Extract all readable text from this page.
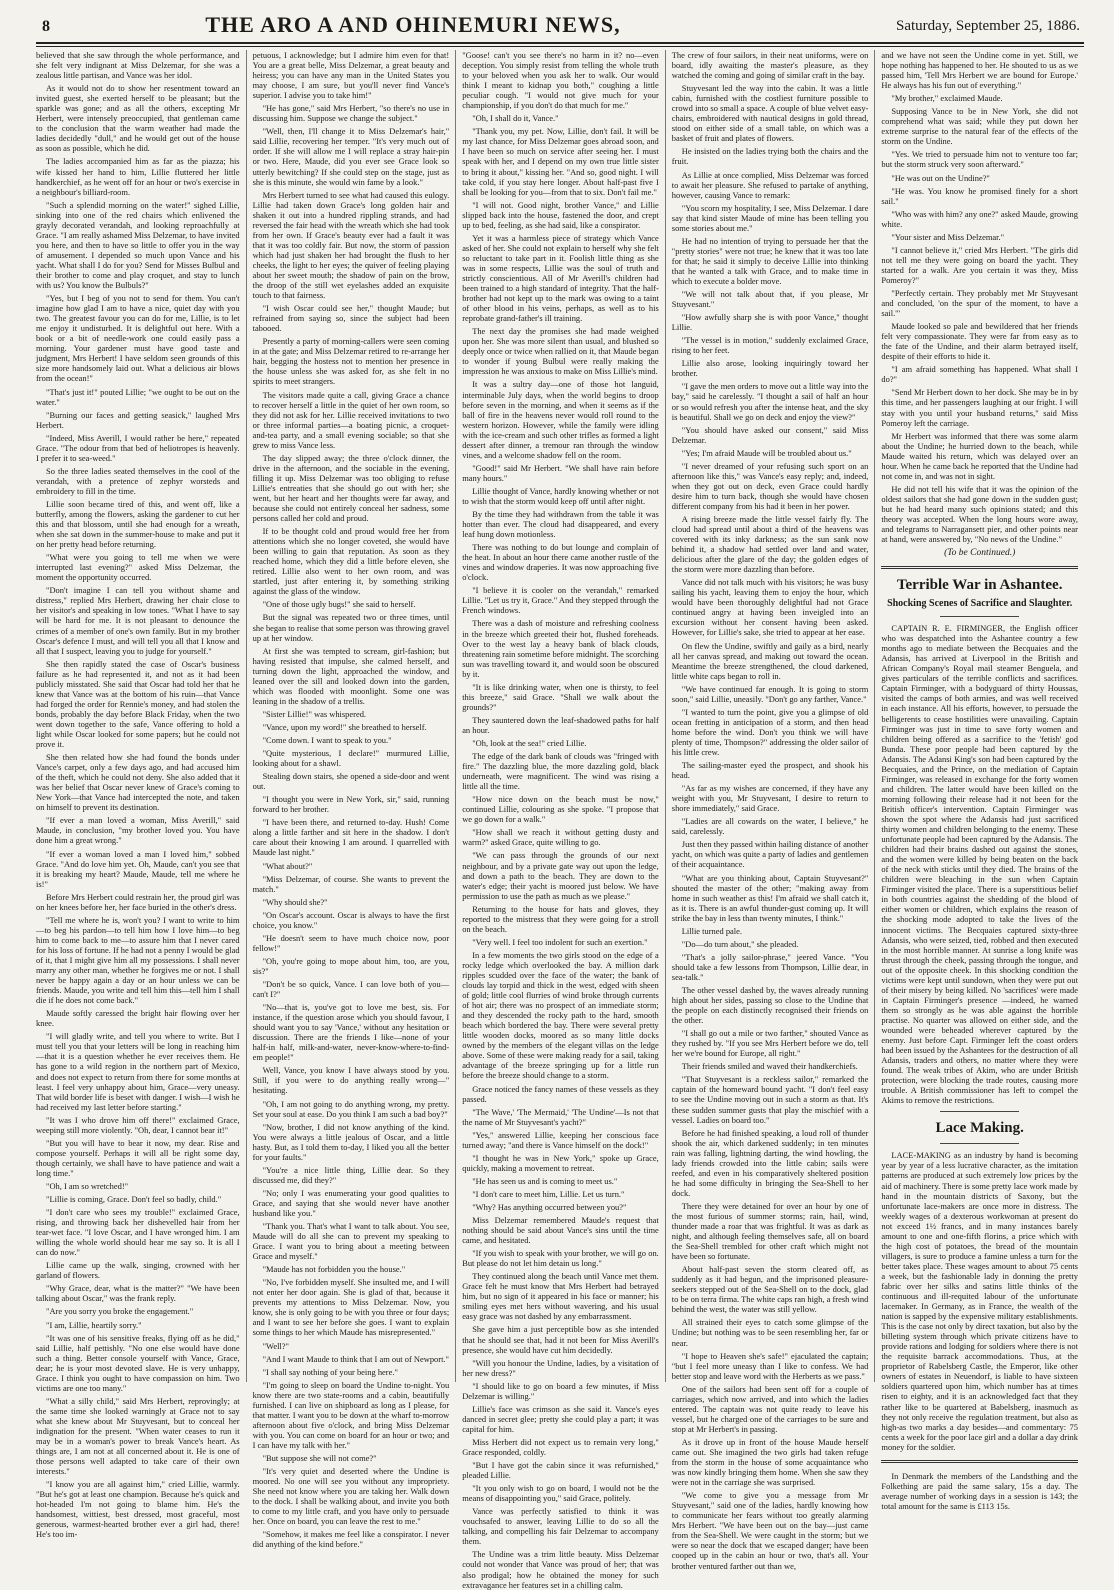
8	THE ARO A AND OHINEMURI NEWS,	Saturday, September 25, 1886.

believed that she saw through the whole performance, and she felt very indignant at Miss Delzemar, for she was a zealous little partisan, and Vance was her idol.

As it would not do to show her resentment toward an invited guest, she exerted herself to be pleasant; but the sparkle was gone; and as all the others, excepting Mr Herbert, were intensely preoccupied, that gentleman came to the conclusion that the warm weather had made the ladies decidedly "dull," and he would get out of the house as soon as possible, which he did.

The ladies accompanied him as far as the piazza; his wife kissed her hand to him, Lillie fluttered her little handkerchief, as he went off for an hour or two's exercise in a neighbour's billiard-room.

"Such a splendid morning on the water!" sighed Lillie, sinking into one of the red chairs which enlivened the grayly decorated verandah, and looking reproachfully at Grace. "I am really ashamed Miss Delzemar, to have invited you here, and then to have so little to offer you in the way of amusement. I depended so much upon Vance and his yacht. What shall I do for you? Send for Misses Bulbul and their brother to come and play croquet, and stay to lunch with us? You know the Bulbuls?"

"Yes, but I beg of you not to send for them. You can't imagine how glad I am to have a nice, quiet day with you two. The greatest favour you can do for me, Lillie, is to let me enjoy it undisturbed. It is delightful out here. With a book or a bit of needle-work one could easily pass a morning. Your gardener must have good taste and judgment, Mrs Herbert! I have seldom seen grounds of this size more handsomely laid out. What a delicious air blows from the ocean!"

"That's just it!" pouted Lillie; "we ought to be out on the water."

"Burning our faces and getting seasick," laughed Mrs Herbert.

"Indeed, Miss Averill, I would rather be here," repeated Grace. "The odour from that bed of heliotropes is heavenly. I prefer it to sea-weed."

So the three ladies seated themselves in the cool of the verandah, with a pretence of zephyr worsteds and embroidery to fill in the time.

Lillie soon became tired of this, and went off, like a butterfly, among the flowers, asking the gardener to cut her this and that blossom, until she had enough for a wreath, when she sat down in the summer-house to make and put it on her pretty head before returning.

"What were you going to tell me when we were interrupted last evening?" asked Miss Delzemar, the moment the opportunity occurred.

"Don't imagine I can tell you without shame and distress," replied Mrs Herbert, drawing her chair close to her visitor's and speaking in low tones. "What I have to say will be hard for me. It is not pleasant to denounce the crimes of a member of one's own family. But in my brother Oscar's defence I must, and will tell you all that I know and all that I suspect, leaving you to judge for yourself."

She then rapidly stated the case of Oscar's business failure as he had represented it, and not as it had been publicly misstated. She said that Oscar had told her that he knew that Vance was at the bottom of his ruin—that Vance had forged the order for Rennie's money, and had stolen the bonds, probably the day before Black Friday, when the two went down together to the safe, Vance offering to hold a light while Oscar looked for some papers; but he could not prove it.

She then related how she had found the bonds under Vance's carpet, only a few days ago, and had accused him of the theft, which he could not deny. She also added that it was her belief that Oscar never knew of Grace's coming to New York—that Vance had intercepted the note, and taken on himself to prevent its destination.

"If ever a man loved a woman, Miss Averill," said Maude, in conclusion, "my brother loved you. You have done him a great wrong."

"If ever a woman loved a man I loved him," sobbed Grace. "And do love him yet. Oh, Maude, can't you see that it is breaking my heart? Maude, Maude, tell me where he is!"

Before Mrs Herbert could restrain her, the proud girl was on her knees before her, her face buried in the other's dress.

"Tell me where he is, won't you? I want to write to him—to beg his pardon—to tell him how I love him—to beg him to come back to me—to assure him that I never cared for his loss of fortune. If he had not a penny I would be glad of it, that I might give him all my possessions. I shall never marry any other man, whether he forgives me or not. I shall never be happy again a day or an hour unless we can be friends. Maude, you write and tell him this—tell him I shall die if he does not come back."

Maude softly caressed the bright hair flowing over her knee.

"I will gladly write, and tell you where to write. But I must tell you that your letters will be long in reaching him—that it is a question whether he ever receives them. He has gone to a wild region in the northern part of Mexico, and does not expect to return from there for some months at least. I feel very unhappy about him, Grace—very uneasy. That wild border life is beset with danger. I wish—I wish he had received my last letter before starting."

"It was I who drove him off there!" exclaimed Grace, weeping still more violently. "Oh, dear, I cannot bear it!"

"But you will have to bear it now, my dear. Rise and compose yourself. Perhaps it will all be right some day, though certainly, we shall have to have patience and wait a long time."

"Oh, I am so wretched!"

"Lillie is coming, Grace. Don't feel so badly, child."

"I don't care who sees my trouble!" exclaimed Grace, rising, and throwing back her dishevelled hair from her tear-wet face. "I love Oscar, and I have wronged him. I am willing the whole world should hear me say so. It is all I can do now."

Lillie came up the walk, singing, crowned with her garland of flowers.

"Why Grace, dear, what is the matter?" "We have been talking about Oscar," was the frank reply.

"Are you sorry you broke the engagement."

"I am, Lillie, heartily sorry."

"It was one of his sensitive freaks, flying off as he did," said Lillie, half pettishly. "No one else would have done such a thing. Better console yourself with Vance, Grace, dear; he is your most devoted slave. He is very unhappy, Grace. I think you ought to have compassion on him. Two victims are one too many."

"What a silly child," said Mrs Herbert, reprovingly; at the same time she looked warningly at Grace not to say what she knew about Mr Stuyvesant, but to conceal her indignation for the present. "When water ceases to run it may be in a woman's power to break Vance's heart. As things are, I am not at all concerned about it. He is one of those persons well adapted to take care of their own interests."

"I know you are all against him," cried Lillie, warmly. "But he's got at least one champion. Because he's quick and hot-headed I'm not going to blame him. He's the handsomest, wittiest, best dressed, most graceful, most generous, warmest-hearted brother ever a girl had, there! He's too im-

petuous, I acknowledge; but I admire him even for that! You are a great belle, Miss Delzemar, a great beauty and heiress; you can have any man in the United States you may choose, I am sure, but you'll never find Vance's superior. I advise you to take him!"

"He has gone," said Mrs Herbert, "so there's no use in discussing him. Suppose we change the subject."

"Well, then, I'll change it to Miss Delzemar's hair," said Lillie, recovering her temper. "It's very much out of order. If she will allow me I will replace a stray hair-pin or two. Here, Maude, did you ever see Grace look so utterly bewitching? If she could step on the stage, just as she is this minute, she would win fame by a look."

Mrs Herbert turned to see what had caused this eulogy. Lillie had taken down Grace's long golden hair and shaken it out into a hundred rippling strands, and had reversed the fair head with the wreath which she had took from her own. If Grace's beauty ever had a fault it was that it was too coldly fair. But now, the storm of passion which had just shaken her had brought the flush to her cheeks, the light to her eyes; the quiver of feeling playing about her sweet mouth; the shadow of pain on the brow, the droop of the still wet eyelashes added an exquisite touch to that fairness.

"I wish Oscar could see her," thought Maude; but refrained from saying so, since the subject had been tabooed.

Presently a party of morning-callers were seen coming in at the gate; and Miss Delzemar retired to re-arrange her hair, begging the hostess not to mention her presence in the house unless she was asked for, as she felt in no spirits to meet strangers.

The visitors made quite a call, giving Grace a chance to recover herself a little in the quiet of her own room, so they did not ask for her. Lillie received invitations to two or three informal parties—a boating picnic, a croquet-and-tea party, and a small evening sociable; so that she grew to miss Vance less.

The day slipped away; the three o'clock dinner, the drive in the afternoon, and the sociable in the evening, filling it up. Miss Delzemar was too obliging to refuse Lillie's entreaties that she should go out with her; she went, but her heart and her thoughts were far away, and because she could not entirely conceal her sadness, some persons called her cold and proud.

If to be thought cold and proud would free her from attentions which she no longer coveted, she would have been willing to gain that reputation. As soon as they reached home, which they did a little before eleven, she retired. Lillie also went to her own room, and was startled, just after entering it, by something striking against the glass of the window.

"One of those ugly bugs!" she said to herself.

But the signal was repeated two or three times, until she began to realise that some person was throwing gravel up at her window.

At first she was tempted to scream, girl-fashion; but having resisted that impulse, she calmed herself, and turning down the light, approached the window, and leaned over the sill and looked down into the garden, which was flooded with moonlight. Some one was leaning in the shadow of a trellis.

"Sister Lillie!" was whispered.

"Vance, upon my word!" she breathed to herself.

"Come down. I want to speak to you."

"Quite mysterious, I declare!" murmured Lillie, looking about for a shawl.

Stealing down stairs, she opened a side-door and went out.

"I thought you were in New York, sir," said, running forward to her brother.

"I have been there, and returned to-day. Hush! Come along a little farther and sit here in the shadow. I don't care about their knowing I am around. I quarrelled with Maude last night."

"What about?"

"Miss Delzemar, of course. She wants to prevent the match."

"Why should she?"

"On Oscar's account. Oscar is always to have the first choice, you know."

"He doesn't seem to have much choice now, poor fellow!"

"Oh, you're going to mope about him, too, are you, sis?"

"Don't be so quick, Vance. I can love both of you—can't I?"

"No—that is, you've got to love me best, sis. For instance, if the question arose which you should favour, I should want you to say 'Vance,' without any hesitation or discussion. There are the friends I like—none of your half-in half, milk-and-water, never-know-where-to-find-em people!"

Well, Vance, you know I have always stood by you. Still, if you were to do anything really wrong—" hesitating.

"Oh, I am not going to do anything wrong, my pretty. Set your soul at ease. Do you think I am such a bad boy?"

"Now, brother, I did not know anything of the kind. You were always a little jealous of Oscar, and a little hasty. But, as I told them to-day, I liked you all the better for your faults."

"You're a nice little thing, Lillie dear. So they discussed me, did they?"

"No; only I was enumerating your good qualities to Grace, and saying that she would never have another husband like you."

"Thank you. That's what I want to talk about. You see, Maude will do all she can to prevent my speaking to Grace. I want you to bring about a meeting between Grace and myself."

"Maude has not forbidden you the house."

"No, I've forbidden myself. She insulted me, and I will not enter her door again. She is glad of that, because it prevents my attentions to Miss Delzemar. Now, you know, she is only going to be with you three or four days; and I want to see her before she goes. I want to explain some things to her which Maude has misrepresented."

"Well?"

"And I want Maude to think that I am out of Newport."

"I shall say nothing of your being here."

"I'm going to sleep on board the Undine to-night. You know there are two state-rooms and a cabin, beautifully furnished. I can live on shipboard as long as I please, for that matter. I want you to be down at the wharf to-morrow afternoon about five o'clock, and bring Miss Delzemar with you. You can come on board for an hour or two; and I can have my talk with her."

"But suppose she will not come?"

"It's very quiet and deserted where the Undine is moored. No one will see you without any impropriety. She need not know where you are taking her. Walk down to the dock. I shall be walking about, and invite you both to come to my little craft, and you have only to persuade her. Once on board, you can leave the rest to me."

"Somehow, it makes me feel like a conspirator. I never did anything of the kind before."

"Goose! can't you see there's no harm in it? no—even deception. You simply resist from telling the whole truth to your beloved when you ask her to walk. Our would think I meant to kidnap you both," coughing a little peculiar cough. "I would not give much for your championship, if you don't do that much for me."

"Oh, I shall do it, Vance."

"Thank you, my pet. Now, Lillie, don't fail. It will be my last chance, for Miss Delzemar goes abroad soon, and I have been so much on service after seeing her. I must speak with her, and I depend on my own true little sister to bring it about," kissing her. "And so, good night. I will take cold, if you stay here longer. About half-past five I shall be looking for you—from that to six. Don't fail me."

"I will not. Good night, brother Vance," and Lillie slipped back into the house, fastened the door, and crept up to bed, feeling, as she had said, like a conspirator.

Yet it was a harmless piece of strategy which Vance asked of her. She could not explain to herself why she felt so reluctant to take part in it. Foolish little thing as she was in some respects, Lillie was the soul of truth and strictly conscientious. All of Mr Averill's children had been trained to a high standard of integrity. That the half-brother had not kept up to the mark was owing to a taint of other blood in his veins, perhaps, as well as to his reprobate grand-father's ill training.

The next day the promises she had made weighed upon her. She was more silent than usual, and blushed so deeply once or twice when rallied on it, that Maude began to wonder if young Bulbul were really making the impression he was anxious to make on Miss Lillie's mind.

It was a sultry day—one of those hot languid, interminable July days, when the world begins to droop before seven in the morning, and when it seems as if the ball of fire in the heavens never would roll round to the western horizon. However, while the family were idling with the ice-cream and such other trifles as formed a light dessert after dinner, a tremour ran through the window vines, and a welcome shadow fell on the room.

"Good!" said Mr Herbert. "We shall have rain before many hours."

Lillie thought of Vance, hardly knowing whether or not to wish that the storm would keep off until after night.

By the time they had withdrawn from the table it was hotter than ever. The cloud had disappeared, and every leaf hung down motionless.

There was nothing to do but lounge and complain of the heat. In about an hour there came another rustle of the vines and window draperies. It was now approaching five o'clock.

"I believe it is cooler on the verandah," remarked Lillie. "Let us try it, Grace." And they stepped through the French windows.

There was a dash of moisture and refreshing coolness in the breeze which greeted their hot, flushed foreheads. Over to the west lay a heavy bank of black clouds, threatening rain sometime before midnight. The scorching sun was travelling toward it, and would soon be obscured by it.

"It is like drinking water, when one is thirsty, to feel this breeze," said Grace. "Shall we walk about the grounds?"

They sauntered down the leaf-shadowed paths for half an hour.

"Oh, look at the sea!" cried Lillie.

The edge of the dark bank of clouds was "fringed with fire." The dazzling blue, the more dazzling gold, black underneath, were magnificent. The wind was rising a little all the time.

"How nice down on the beach must be now," continued Lillie, colouring as she spoke. "I propose that we go down for a walk."

"How shall we reach it without getting dusty and warm?" asked Grace, quite willing to go.

"We can pass through the grounds of our next neighbour, and by a private gate way out upon the ledge, and down a path to the beach. They are down to the water's edge; their yacht is moored just below. We have permission to use the path as much as we please."

Returning to the house for hats and gloves, they reported to the mistress that they were going for a stroll on the beach.

"Very well. I feel too indolent for such an exertion."

In a few moments the two girls stood on the edge of a rocky ledge which overlooked the bay. A million dark ripples scudded over the face of the water; the bank of clouds lay torpid and thick in the west, edged with sheen of gold; little cool flurries of wind broke through currents of hot air; there was no prospect of an immediate storm; and they descended the rocky path to the hard, smooth beach which bordered the bay. There were several pretty little wooden docks, moored as so many little docks owned by the members of the elegant villas on the ledge above. Some of these were making ready for a sail, taking advantage of the breeze springing up for a little run before the breeze should change to a storm.

Grace noticed the fancy names of these vessels as they passed.

"The Wave,' 'The Mermaid,' 'The Undine'—Is not that the name of Mr Stuyvesant's yacht?"

"Yes," answered Lillie, keeping her conscious face turned away; "and there is Vance himself on the dock!"

"I thought he was in New York," spoke up Grace, quickly, making a movement to retreat.

"He has seen us and is coming to meet us."

"I don't care to meet him, Lillie. Let us turn."

"Why? Has anything occurred between you?"

Miss Delzemar remembered Maude's request that nothing should be said about Vance's sins until the time came, and hesitated.

"If you wish to speak with your brother, we will go on. But please do not let him detain us long."

They continued along the beach until Vance met them. Grace felt he must know that Mrs Herbert had betrayed him, but no sign of it appeared in his face or manner; his smiling eyes met hers without wavering, and his usual easy grace was not dashed by any embarrassment.

She gave him a just perceptible bow as she intended that he should see that, had it not been for Miss Averill's presence, she would have cut him decidedly.

"Will you honour the Undine, ladies, by a visitation of her new dress?"

"I should like to go on board a few minutes, if Miss Delzemar is willing."

Lillie's face was crimson as she said it. Vance's eyes danced in secret glee; pretty she could play a part; it was capital for him.

Miss Herbert did not expect us to remain very long," Grace responded, coldly.

"But I have got the cabin since it was refurnished," pleaded Lillie.

"It you only wish to go on board, I would not be the means of disappointing you," said Grace, politely.

Vance was perfectly satisfied to think it was vouchsafed to answer, leaving Lillie to do so all the talking, and compelling his fair Delzemar to accompany them.

The Undine was a trim little beauty. Miss Delzemar could not wonder that Vance was proud of her; that was also prodigal; how he obtained the money for such extravagance her features set in a chilling calm.

The crew of four sailors, in their neat uniforms, were on board, idly awaiting the master's pleasure, as they watched the coming and going of similar craft in the bay.

Stuyvesant led the way into the cabin. It was a little cabin, furnished with the costliest furniture possible to crowd into so small a space. A couple of blue velvet easy-chairs, embroidered with nautical designs in gold thread, stood on either side of a small table, on which was a basket of fruit and plates of flowers.

He insisted on the ladies trying both the chairs and the fruit.

As Lillie at once complied, Miss Delzemar was forced to await her pleasure. She refused to partake of anything, however, causing Vance to remark:

"You scorn my hospitality, I see, Miss Delzemar. I dare say that kind sister Maude of mine has been telling you some stories about me."

He had no intention of trying to persuade her that the "pretty stories" were not true; he knew that it was too late for that; he said it simply to deceive Lillie into thinking that he wanted a talk with Grace, and to make time in which to execute a bolder move.

"We will not talk about that, if you please, Mr Stuyvesant."

"How awfully sharp she is with poor Vance," thought Lillie.

"The vessel is in motion," suddenly exclaimed Grace, rising to her feet.

Lillie also arose, looking inquiringly toward her brother.

"I gave the men orders to move out a little way into the bay," said he carelessly. "I thought a sail of half an hour or so would refresh you after the intense heat, and the sky is beautiful. Shall we go on deck and enjoy the view?"

"You should have asked our consent," said Miss Delzemar.

"Yes; I'm afraid Maude will be troubled about us."

"I never dreamed of your refusing such sport on an afternoon like this," was Vance's easy reply; and, indeed, when they got out on deck, even Grace could hardly desire him to turn back, though she would have chosen different company from his had it been in her power.

A rising breeze made the little vessel fairly fly. The cloud had spread until about a third of the heavens was covered with its inky darkness; as the sun sank now behind it, a shadow had settled over land and water, delicious after the glare of the day; the golden edges of the storm were more dazzling than before.

Vance did not talk much with his visitors; he was busy sailing his yacht, leaving them to enjoy the hour, which would have been thoroughly delightful had not Grace continued angry at having been inveigled into an excursion without her consent having been asked. However, for Lillie's sake, she tried to appear at her ease.

On flew the Undine, swiftly and gaily as a bird, nearly all her canvas spread, and making out toward the ocean. Meantime the breeze strengthened, the cloud darkened, little white caps began to roll in.

"We have continued far enough. It is going to storm soon," said Lillie, uneasily. "Don't go any farther, Vance."

"I wanted to turn the point, give you a glimpse of old ocean fretting in anticipation of a storm, and then head home before the wind. Don't you think we will have plenty of time, Thompson?" addressing the older sailor of his little crew.

The sailing-master eyed the prospect, and shook his head.

"As far as my wishes are concerned, if they have any weight with you, Mr Stuyvesant, I desire to return to shore immediately," said Grace.

"Ladies are all cowards on the water, I believe," he said, carelessly.

Just then they passed within hailing distance of another yacht, on which was quite a party of ladies and gentlemen of their acquaintance.

"What are you thinking about, Captain Stuyvesant?" shouted the master of the other; "making away from home in such weather as this! I'm afraid we shall catch it, as it is. There is an awful thunder-gust coming up. It will strike the bay in less than twenty minutes, I think."

Lillie turned pale.

"Do—do turn about," she pleaded.

"That's a jolly sailor-phrase," jeered Vance. "You should take a few lessons from Thompson, Lillie dear, in sea-talk."

The other vessel dashed by, the waves already running high about her sides, passing so close to the Undine that the people on each distinctly recognised their friends on the other.

"I shall go out a mile or two farther," shouted Vance as they rushed by. "If you see Mrs Herbert before we do, tell her we're bound for Europe, all right."

Their friends smiled and waved their handkerchiefs.

"That Stuyvesant is a reckless sailor," remarked the captain of the homeward bound yacht. "I don't feel easy to see the Undine moving out in such a storm as that. It's these sudden summer gusts that play the mischief with a vessel. Ladies on board too."

Before he had finished speaking, a loud roll of thunder shook the air, which darkened suddenly; in ten minutes rain was falling, lightning darting, the wind howling, the lady friends crowded into the little cabin; sails were reefed, and even in his comparatively sheltered position he had some difficulty in bringing the Sea-Shell to her dock.

There they were detained for over an hour by one of the most furious of summer storms; rain, hail, wind, thunder made a roar that was frightful. It was as dark as night, and although feeling themselves safe, all on board the Sea-Shell trembled for other craft which might not have been so fortunate.

About half-past seven the storm cleared off, as suddenly as it had begun, and the imprisoned pleasure-seekers stepped out of the Sea-Shell on to the dock, glad to be on terra firma. The white caps ran high, a fresh wind behind the west, the water was still yellow.

All strained their eyes to catch some glimpse of the Undine; but nothing was to be seen resembling her, far or near.

"I hope to Heaven she's safe!" ejaculated the captain; "but I feel more uneasy than I like to confess. We had better stop and leave word with the Herberts as we pass."

One of the sailors had been sent off for a couple of carriages, which now arrived, and into which the ladies entered. The captain was not quite ready to leave his vessel, but he charged one of the carriages to be sure and stop at Mr Herbert's in passing.

As it drove up in front of the house Maude herself came out. She imagined the two girls had taken refuge from the storm in the house of some acquaintance who was now kindly bringing them home. When she saw they were not in the carriage she was surprised.

"We come to give you a message from Mr Stuyvesant," said one of the ladies, hardly knowing how to communicate her fears without too greatly alarming Mrs Herbert. "We have been out on the bay—just came from the Sea-Shell. We were caught in the storm; but we were so near the dock that we escaped danger; have been cooped up in the cabin an hour or two, that's all. Your brother ventured farther out than we,

and we have not seen the Undine come in yet. Still, we hope nothing has happened to her. He shouted to us as we passed him, 'Tell Mrs Herbert we are bound for Europe.' He always has his fun out of everything."

"My brother," exclaimed Maude.

Supposing Vance to be in New York, she did not comprehend what was said; while they put down her extreme surprise to the natural fear of the effects of the storm on the Undine.

"Yes. We tried to persuade him not to venture too far; but the storm struck very soon afterward."

"He was out on the Undine?"

"He was. You know he promised finely for a short sail."

"Who was with him? any one?" asked Maude, growing white.

"Your sister and Miss Delzemar."

"I cannot believe it," cried Mrs Herbert. "The girls did not tell me they were going on board the yacht. They started for a walk. Are you certain it was they, Miss Pomeroy?"

"Perfectly certain. They probably met Mr Stuyvesant and concluded, 'on the spur of the moment, to have a sail.'"

Maude looked so pale and bewildered that her friends felt very compassionate. They were far from easy as to the fate of the Undine, and their alarm betrayed itself, despite of their efforts to hide it.

"I am afraid something has happened. What shall I do?"

"Send Mr Herbert down to her dock. She may be in by this time, and her passengers laughing at our fright. I will stay with you until your husband returns," said Miss Pomeroy left the carriage.

Mr Herbert was informed that there was some alarm about the Undine; he hurried down to the beach, while Maude waited his return, which was delayed over an hour. When he came back he reported that the Undine had not come in, and was not in sight.

He did not tell his wife that it was the opinion of the oldest sailors that she had gone down in the sudden gust; but he had heard many such opinions stated; and this theory was accepted. When the long hours wore away, and telegrams to Narragansett pier, and other points near at hand, were answered by, "No news of the Undine."

(To be Continued.)
Terrible War in Ashantee.
Shocking Scenes of Sacrifice and Slaughter.

CAPTAIN R. E. FIRMINGER, the English officer who was despatched into the Ashantee country a few months ago to mediate between the Becquaies and the Adansis, has arrived at Liverpool in the British and African Company's Royal mail steamer Benguela, and gives particulars of the terrible conflicts and sacrifices. Captain Firminger, with a bodyguard of thirty Houssas, visited the camps of both armies, and was well received in each instance. All his efforts, however, to persuade the belligerents to cease hostilities were unavailing. Captain Firminger was just in time to save forty women and children being offered as a sacrifice to the 'fetish' god Bunda. These poor people had been captured by the Adansis. The Adansi King's son had been captured by the Becquaies, and the Prince, on the mediation of Captain Firminger, was released in exchange for the forty women and children. The latter would have been killed on the morning following their release had it not been for the British officer's intervention. Captain Firminger was shown the spot where the Adansis had just sacrificed thirty women and children belonging to the enemy. These unfortunate people had been captured by the Adansis. The children had their brains dashed out against the stones, and the women were killed by being beaten on the back of the neck with sticks until they died. The brains of the children were bleaching in the sun when Captain Firminger visited the place. There is a superstitious belief in both countries against the shedding of the blood of either women or children, which explains the reason of the shocking mode adopted to take the lives of the innocent victims. The Becquaies captured sixty-three Adansis, who were seized, tied, robbed and then executed in the most horrible manner. At sunrise a long knife was thrust through the cheek, passing through the tongue, and out of the opposite cheek. In this shocking condition the victims were kept until sundown, when they were put out of their misery by being killed. No 'sacrifices' were made in Captain Firminger's presence —indeed, he warned them so strongly as he was able against the horrible practise. No quarter was allowed on either side, and the wounded were beheaded wherever captured by the enemy. Just before Capt. Firminger left the coast orders had been issued by the Ashantees for the destruction of all Adansis, traders and others, no matter where they were found. The weak tribes of Akim, who are under British protection, were blocking the trade routes, causing more trouble. A British commissioner has left to compel the Akims to remove the restrictions.

Lace Making.

LACE-MAKING as an industry by hand is becoming year by year of a less lucrative character, as the imitation patterns are produced at such extremely low prices by the aid of machinery. There is some pretty lace work made by hand in the mountain districts of Saxony, but the unfortunate lace-makers are once more in distress. The weekly wages of a dexterous workwoman at present do not exceed 1½ francs, and in many instances barely amount to one and one-fifth florins, a price which with the high cost of potatoes, the bread of the mountain villagers, is sure to produce a famine unless a turn for the better takes place. These wages amount to about 75 cents a week, but the fashionable lady in donning the pretty fabric over her silks and satins little thinks of the continuous and ill-requited labour of the unfortunate lacemaker. In Germany, as in France, the wealth of the nation is sapped by the expensive military establishments. This is the case not only by direct taxation, but also by the billeting system through which private citizens have to provide rations and lodging for soldiers where there is not the requisite barrack accommodations. Thus, at the proprietor of Rabelsberg Castle, the Emperor, like other owners of estates in Neuendorf, is liable to have sixteen soldiers quartered upon him, which number has at times risen to eighty, and it is an acknowledged fact that they rather like to be quartered at Babelsberg, inasmuch as they not only receive the regulation treatment, but also as high-as two marks a day besides—and commentary: 75 cents a week for the poor lace girl and a dollar a day drink money for the soldier.

In Denmark the members of the Landsthing and the Folkething are paid the same salary, 15s a day. The average number of working days in a session is 143; the total amount for the same is £113 15s.
